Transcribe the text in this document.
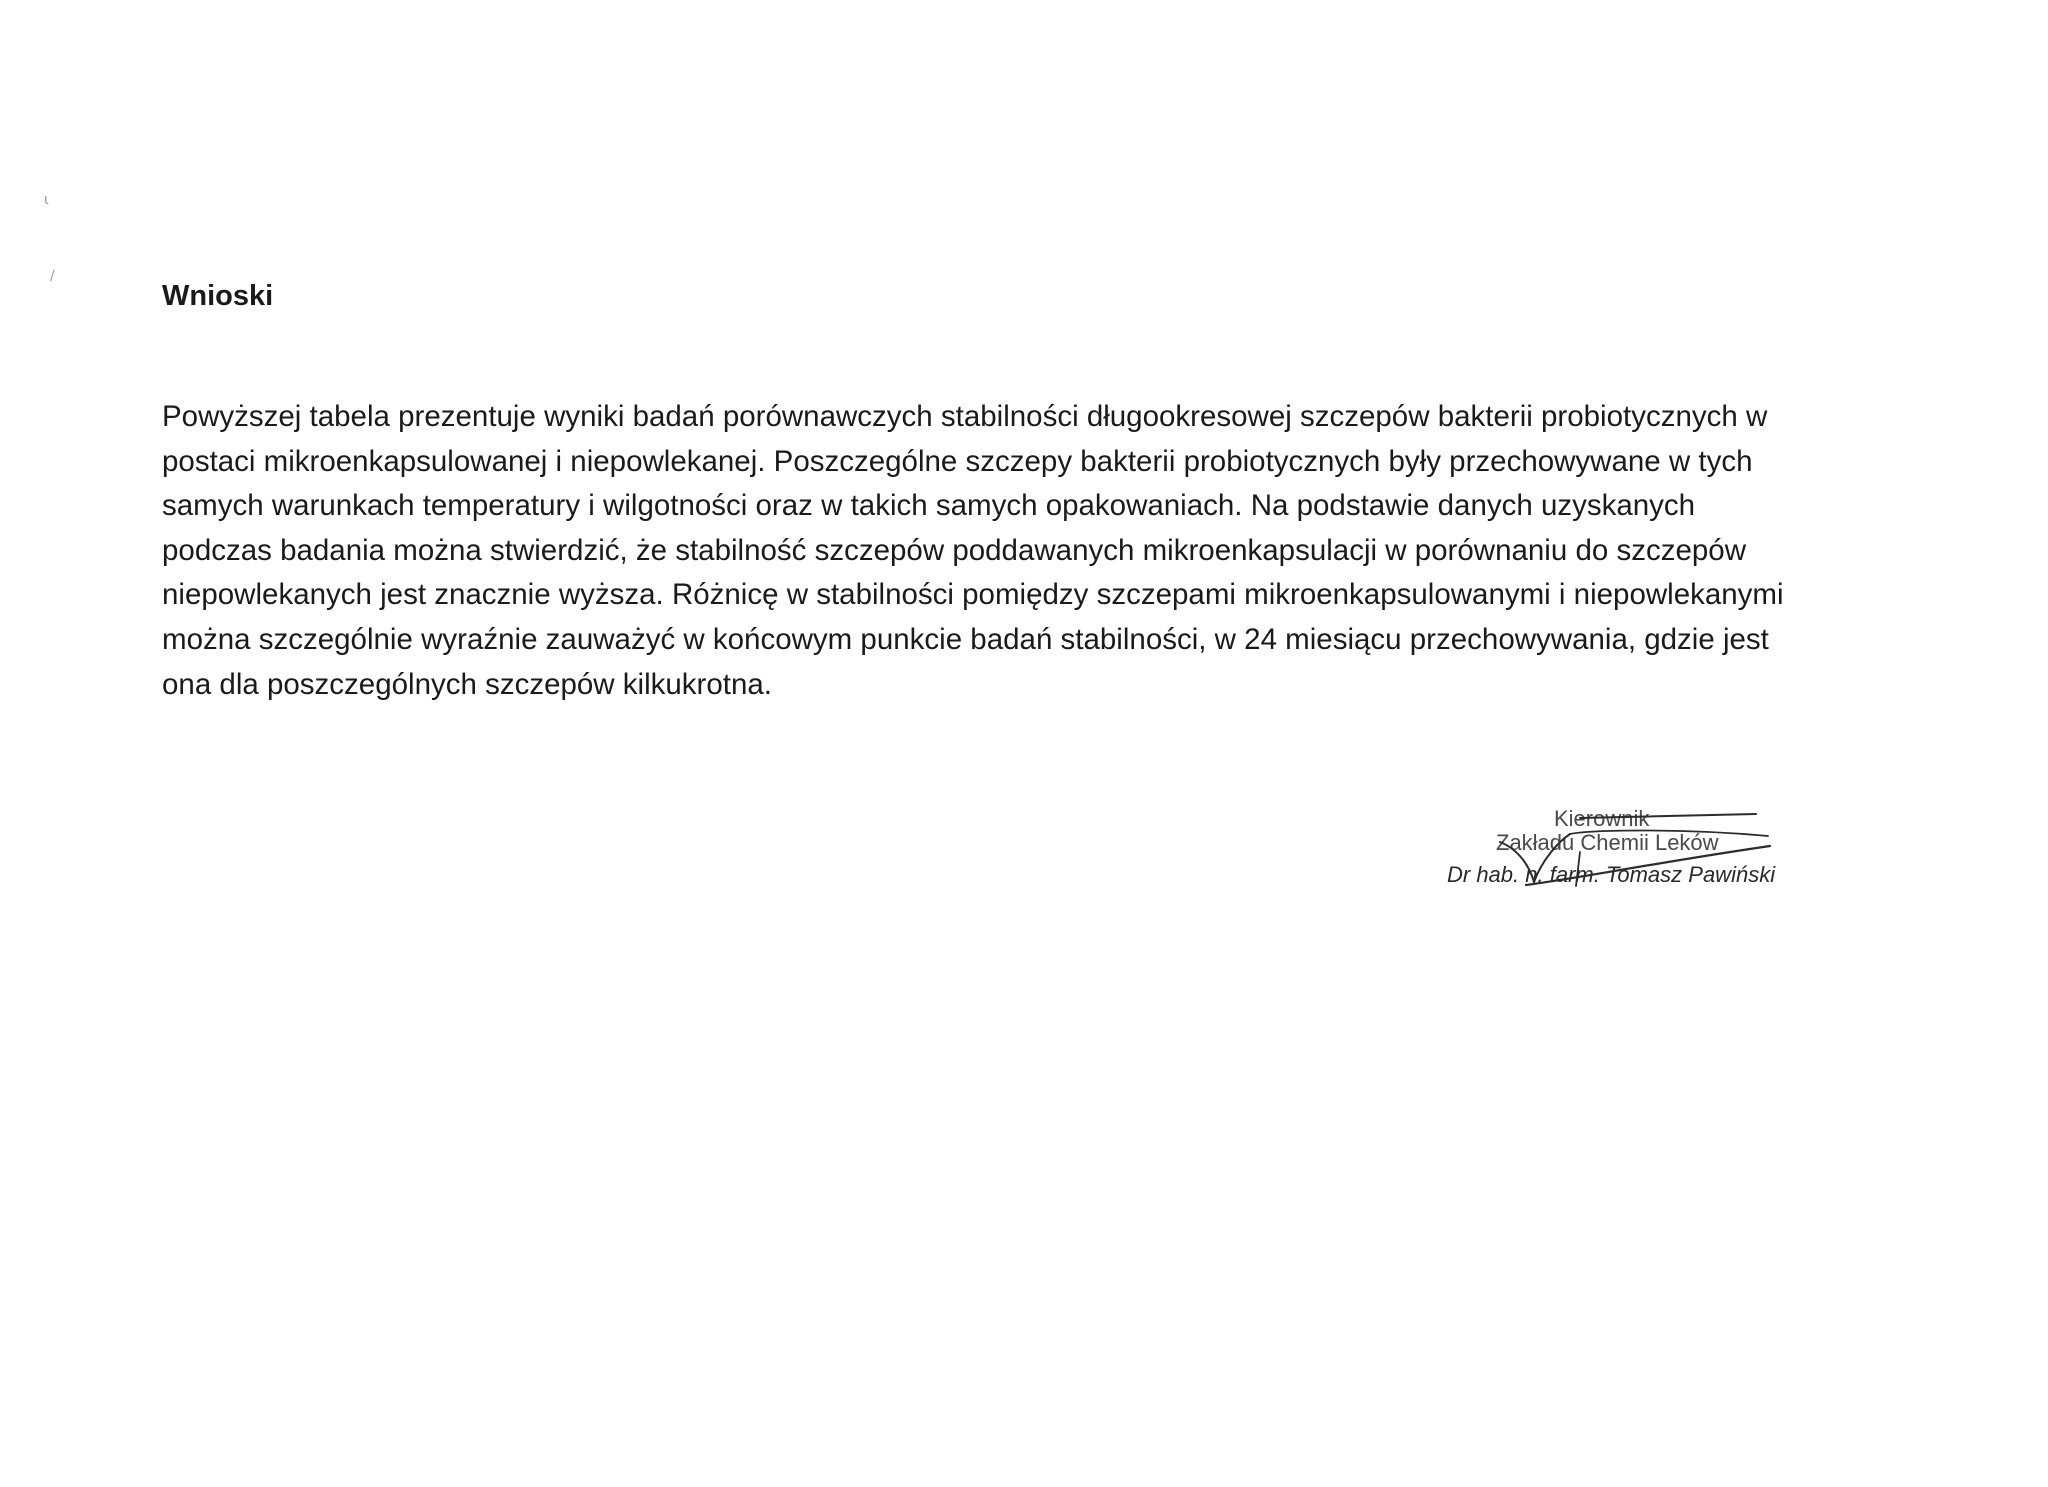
ι
/
Wnioski
Powyższej tabela prezentuje wyniki badań porównawczych stabilności długookresowej szczepów bakterii probiotycznych w
postaci mikroenkapsulowanej i niepowlekanej. Poszczególne szczepy bakterii probiotycznych były przechowywane w tych
samych warunkach temperatury i wilgotności oraz w takich samych opakowaniach. Na podstawie danych uzyskanych
podczas badania można stwierdzić, że stabilność szczepów poddawanych mikroenkapsulacji w porównaniu do szczepów
niepowlekanych jest znacznie wyższa. Różnicę w stabilności pomiędzy szczepami mikroenkapsulowanymi i niepowlekanymi
można szczególnie wyraźnie zauważyć w końcowym punkcie badań stabilności, w 24 miesiącu przechowywania, gdzie jest
ona dla poszczególnych szczepów kilkukrotna.
Kierownik
Zakładu Chemii Leków
Dr hab. n. farm. Tomasz Pawiński
